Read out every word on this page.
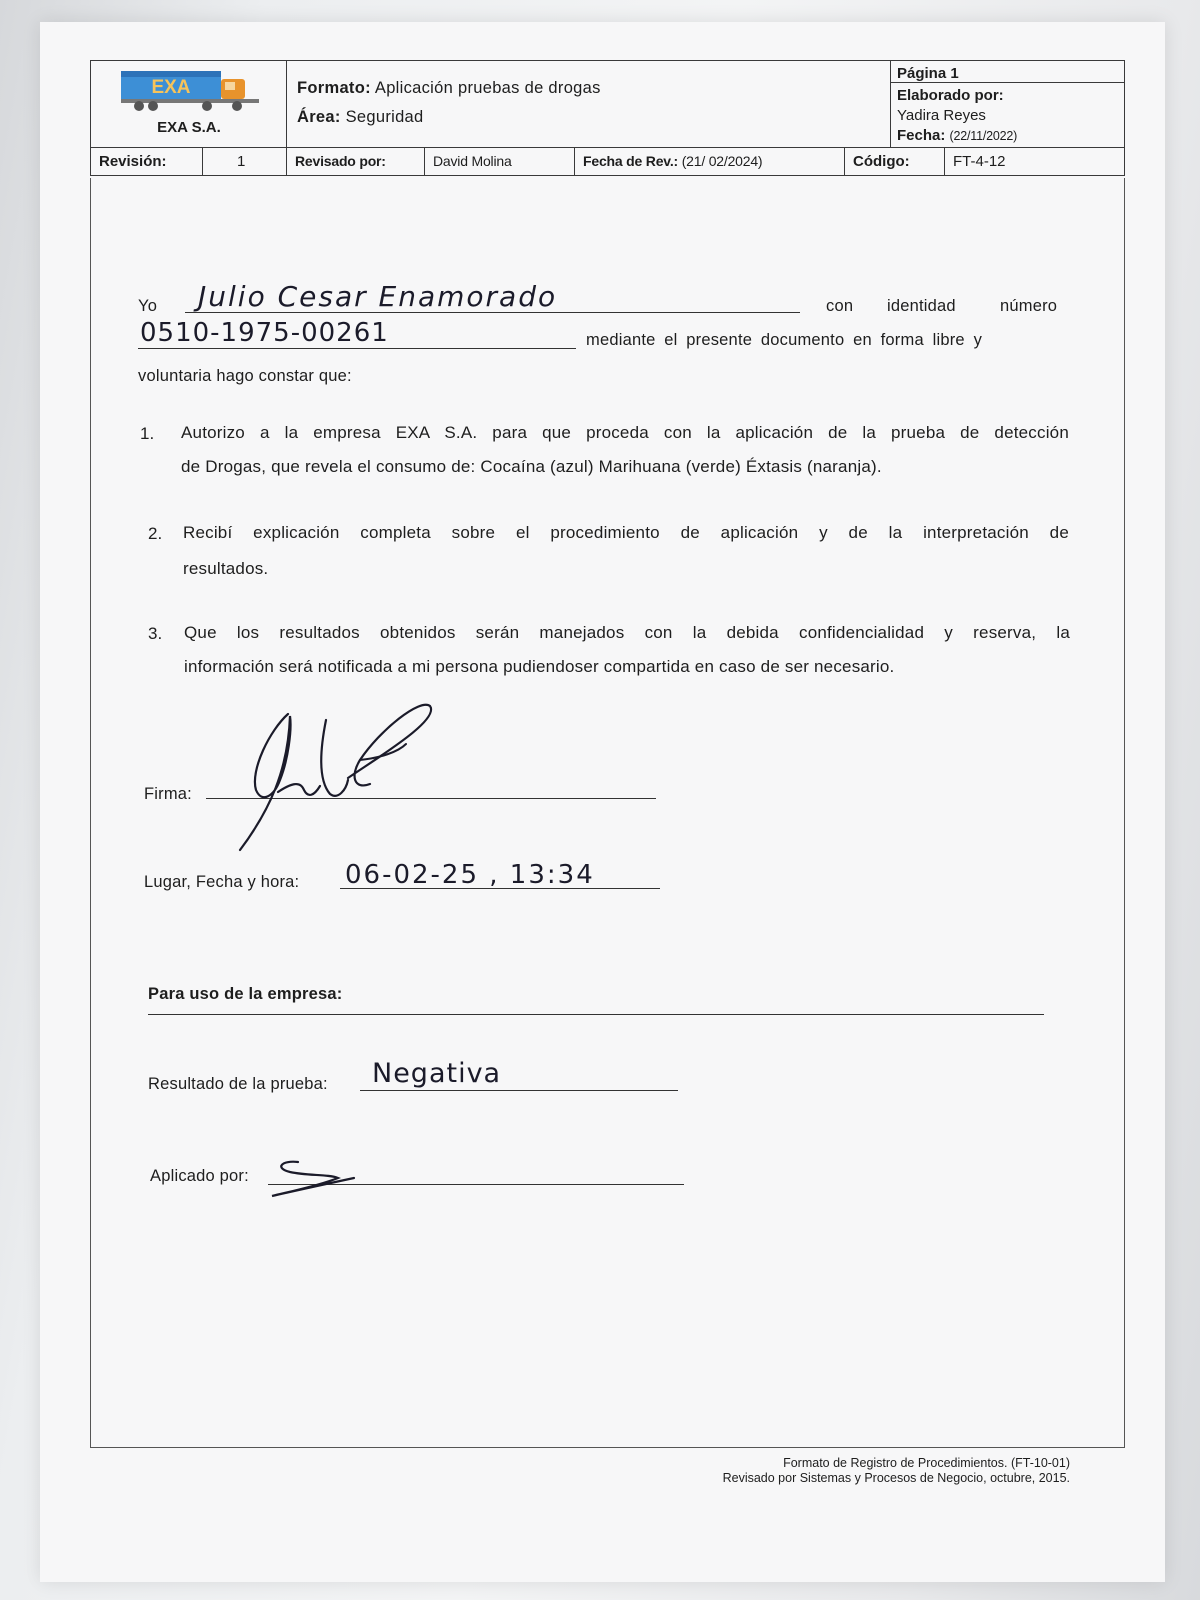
EXA
EXA S.A.
Formato: Aplicación pruebas de drogas
Área: Seguridad
Página 1
Elaborado por:
Yadira Reyes
Fecha: (22/11/2022)
Revisión:	1	Revisado por:	David Molina	Fecha de Rev.: (21/ 02/2024)	Código:	FT-4-12
Yo Julio Cesar Enamorado	con identidad	número
0510-1975-00261	mediante el presente documento en forma libre y
voluntaria hago constar que:
1. Autorizo a la empresa EXA S.A. para que proceda con la aplicación de la prueba de detección
de Drogas, que revela el consumo de: Cocaína (azul) Marihuana (verde) Éxtasis (naranja).
2. Recibí explicación completa sobre el procedimiento de aplicación y de la interpretación de
resultados.
3. Que los resultados obtenidos serán manejados con la debida confidencialidad y reserva, la
información será notificada a mi persona pudiendoser compartida en caso de ser necesario.
Firma:
Lugar, Fecha y hora: 06-02-25 , 13:34
Para uso de la empresa:
Resultado de la prueba: Negativa
Aplicado por:
Formato de Registro de Procedimientos. (FT-10-01)
Revisado por Sistemas y Procesos de Negocio, octubre, 2015.
